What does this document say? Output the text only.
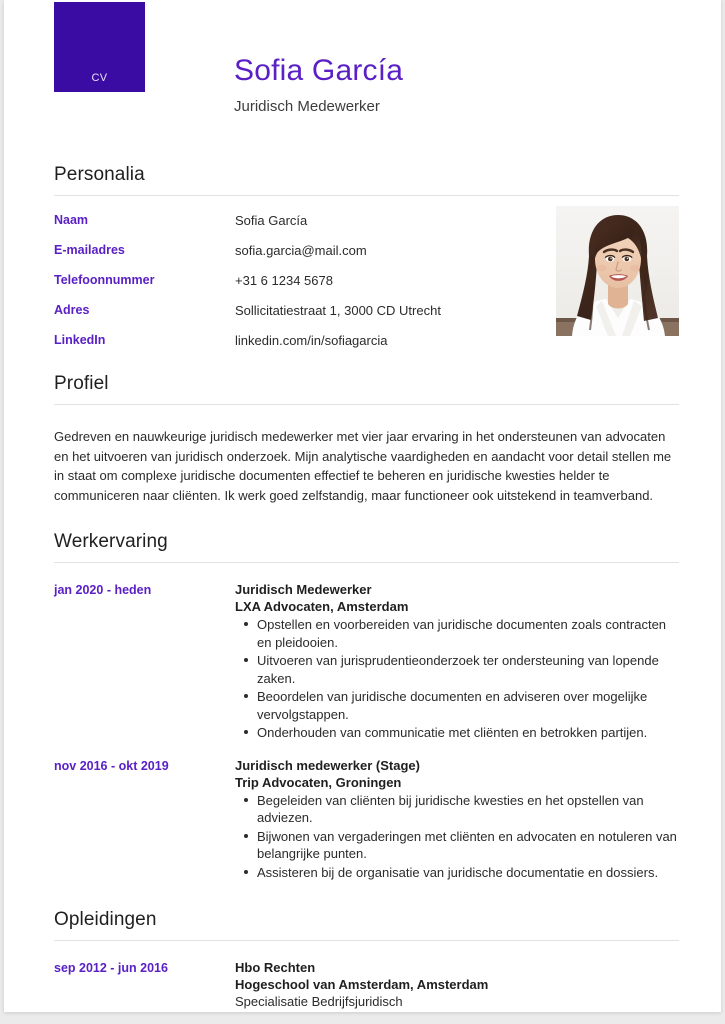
CV	Sofia García
Juridisch Medewerker
Personalia
Naam	Sofia García
E-mailadres	sofia.garcia@mail.com
Telefoonnummer	+31 6 1234 5678
Adres	Sollicitatiestraat 1, 3000 CD Utrecht
LinkedIn	linkedin.com/in/sofiagarcia
Profiel

Gedreven en nauwkeurige juridisch medewerker met vier jaar ervaring in het ondersteunen van advocaten en het uitvoeren van juridisch onderzoek. Mijn analytische vaardigheden en aandacht voor detail stellen me in staat om complexe juridische documenten effectief te beheren en juridische kwesties helder te communiceren naar cliënten. Ik werk goed zelfstandig, maar functioneer ook uitstekend in teamverband.

Werkervaring
jan 2020 - heden	Juridisch Medewerker
LXA Advocaten, Amsterdam
Opstellen en voorbereiden van juridische documenten zoals contracten en pleidooien.
Uitvoeren van jurisprudentieonderzoek ter ondersteuning van lopende zaken.
Beoordelen van juridische documenten en adviseren over mogelijke vervolgstappen.
Onderhouden van communicatie met cliënten en betrokken partijen.
nov 2016 - okt 2019	Juridisch medewerker (Stage)
Trip Advocaten, Groningen
Begeleiden van cliënten bij juridische kwesties en het opstellen van adviezen.
Bijwonen van vergaderingen met cliënten en advocaten en notuleren van belangrijke punten.
Assisteren bij de organisatie van juridische documentatie en dossiers.
Opleidingen
sep 2012 - jun 2016	Hbo Rechten
Hogeschool van Amsterdam, Amsterdam
Specialisatie Bedrijfsjuridisch
